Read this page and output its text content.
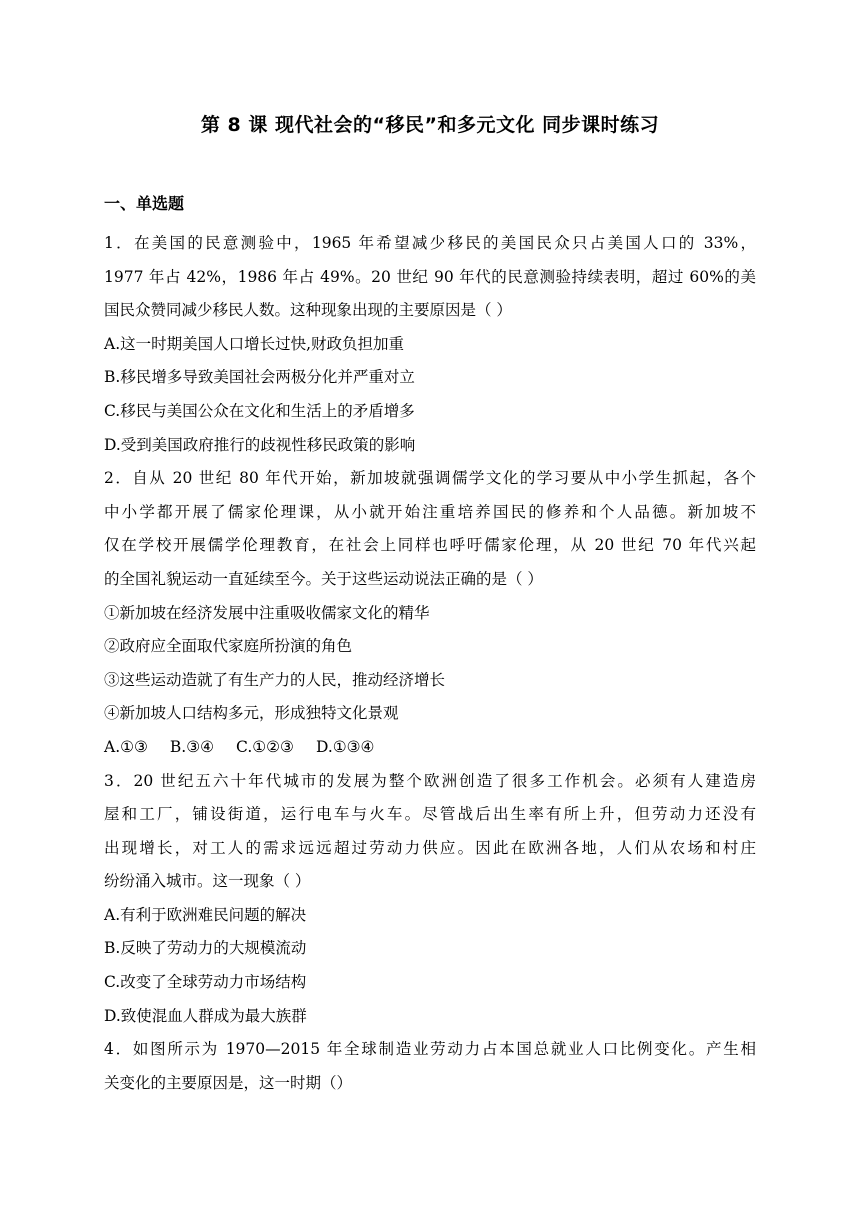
第 8 课 现代社会的“移民”和多元文化 同步课时练习
一、单选题
1．在美国的民意测验中，1965 年希望减少移民的美国民众只占美国人口的 33%，
1977 年占 42%，1986 年占 49%。20 世纪 90 年代的民意测验持续表明，超过 60%的美
国民众赞同减少移民人数。这种现象出现的主要原因是（ ）
A.这一时期美国人口增长过快,财政负担加重
B.移民增多导致美国社会两极分化并严重对立
C.移民与美国公众在文化和生活上的矛盾增多
D.受到美国政府推行的歧视性移民政策的影响
2．自从 20 世纪 80 年代开始，新加坡就强调儒学文化的学习要从中小学生抓起，各个
中小学都开展了儒家伦理课，从小就开始注重培养国民的修养和个人品德。新加坡不
仅在学校开展儒学伦理教育，在社会上同样也呼吁儒家伦理，从 20 世纪 70 年代兴起
的全国礼貌运动一直延续至今。关于这些运动说法正确的是（ ）
①新加坡在经济发展中注重吸收儒家文化的精华
②政府应全面取代家庭所扮演的角色
③这些运动造就了有生产力的人民，推动经济增长
④新加坡人口结构多元，形成独特文化景观
A.①③ B.③④ C.①②③ D.①③④
3．20 世纪五六十年代城市的发展为整个欧洲创造了很多工作机会。必须有人建造房
屋和工厂，铺设街道，运行电车与火车。尽管战后出生率有所上升，但劳动力还没有
出现增长，对工人的需求远远超过劳动力供应。因此在欧洲各地，人们从农场和村庄
纷纷涌入城市。这一现象（ ）
A.有利于欧洲难民问题的解决
B.反映了劳动力的大规模流动
C.改变了全球劳动力市场结构
D.致使混血人群成为最大族群
4．如图所示为 1970—2015 年全球制造业劳动力占本国总就业人口比例变化。产生相
关变化的主要原因是，这一时期（）
